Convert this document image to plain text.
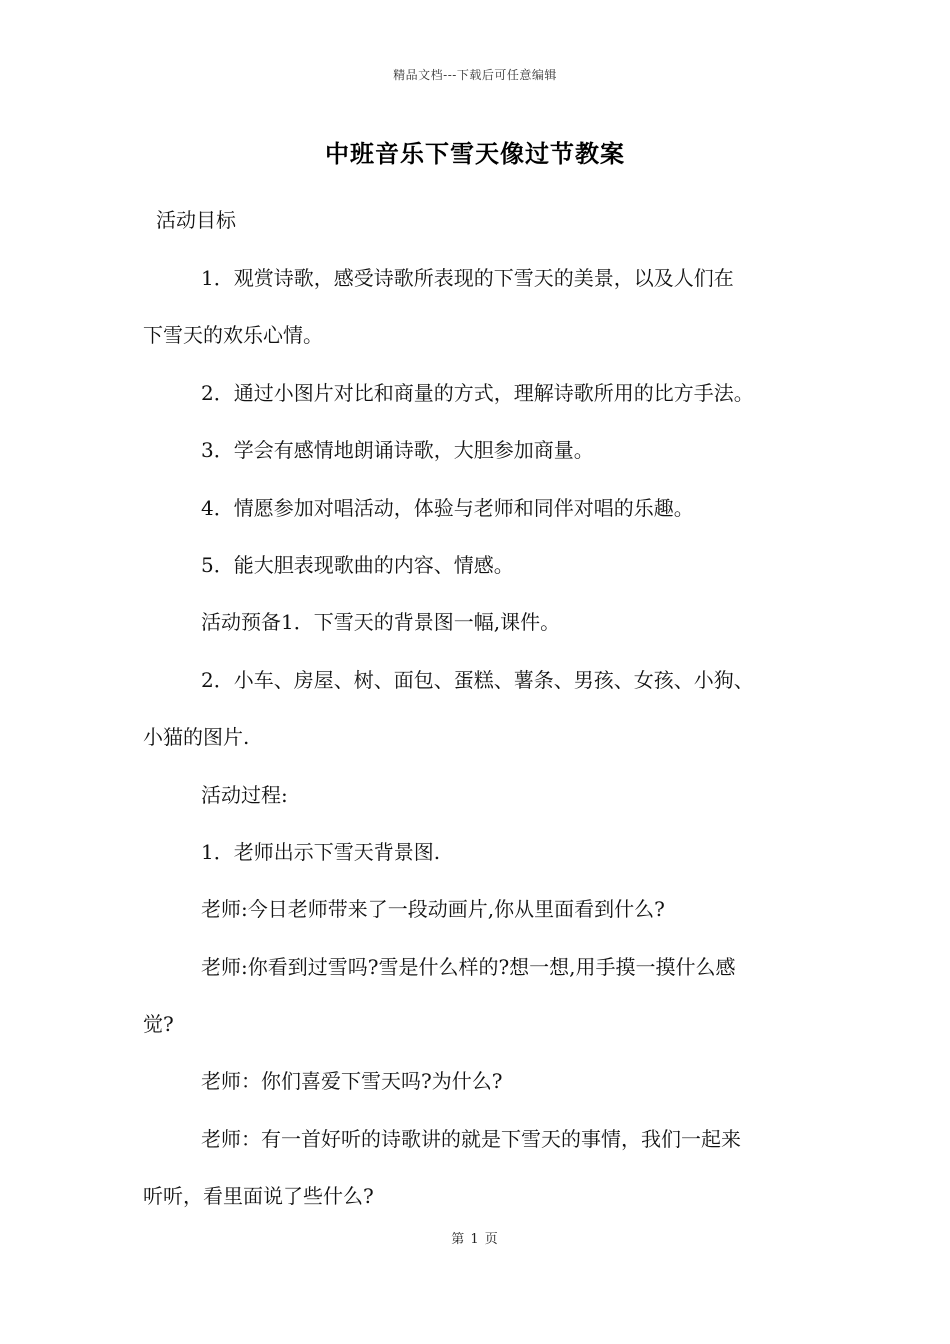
精品文档---下载后可任意编辑
中班音乐下雪天像过节教案
活动目标
1．观赏诗歌，感受诗歌所表现的下雪天的美景，以及人们在
下雪天的欢乐心情。
2．通过小图片对比和商量的方式，理解诗歌所用的比方手法。
3．学会有感情地朗诵诗歌，大胆参加商量。
4．情愿参加对唱活动，体验与老师和同伴对唱的乐趣。
5．能大胆表现歌曲的内容、情感。
活动预备1．下雪天的背景图一幅,课件。
2．小车、房屋、树、面包、蛋糕、薯条、男孩、女孩、小狗、
小猫的图片.
活动过程:
1．老师出示下雪天背景图.
老师:今日老师带来了一段动画片,你从里面看到什么?
老师:你看到过雪吗?雪是什么样的?想一想,用手摸一摸什么感
觉?
老师：你们喜爱下雪天吗?为什么?
老师：有一首好听的诗歌讲的就是下雪天的事情，我们一起来
听听，看里面说了些什么?
第 1 页
